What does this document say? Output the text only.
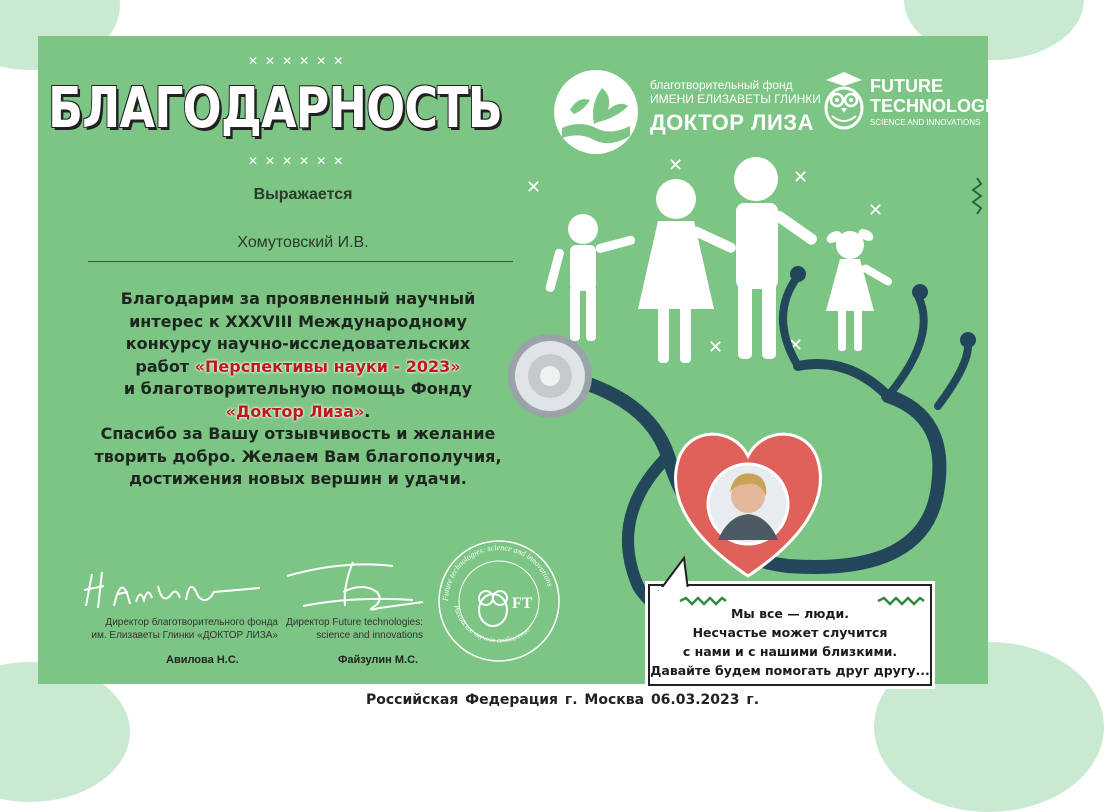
БЛАГОДАРНОСТЬ
✕✕✕✕✕✕
✕✕✕✕✕✕
благотворительный фонд
ИМЕНИ ЕЛИЗАВЕТЫ ГЛИНКИ
ДОКТОР ЛИЗА
FUTURE
TECHNOLOGIES
SCIENCE AND INNOVATIONS
Выражается
Хомутовский И.В.
Благодарим за проявленный научный
интерес к XXXVIII Международному
конкурсу научно-исследовательских
работ «Перспективы науки - 2023»
и благотворительную помощь Фонду
«Доктор Лиза».
Спасибо за Вашу отзывчивость и желание
творить добро. Желаем Вам благополучия,
достижения новых вершин и удачи.
Директор благотворительного фонда
им. Елизаветы Глинки «ДОКТОР ЛИЗА»
Авилова Н.С.
Директор Future technologies:
science and innovations
Файзулин М.С.
Future technologies: science and innovations
Российское научное сообщество
FT
✕
✕
✕
✕
✕	✕
Мы все — люди.
Несчастье может случится
с нами и с нашими близкими.
Давайте будем помогать друг другу...
Российская Федерация г. Москва 06.03.2023 г.
